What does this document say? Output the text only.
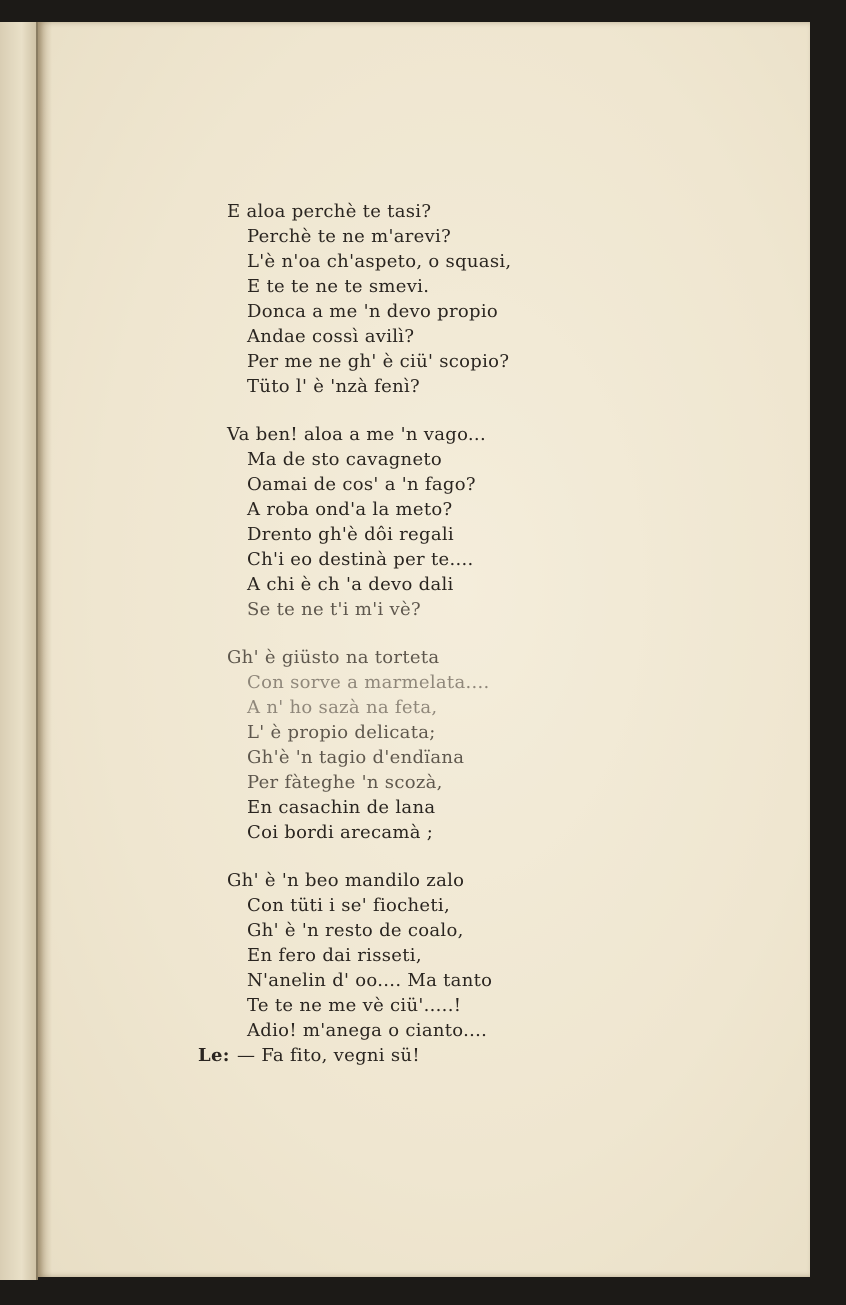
E aloa perchè te tasi?
Perchè te ne m'arevi?
L'è n'oa ch'aspeto, o squasi,
E te te ne te smevi.
Donca a me 'n devo propio
Andae cossì avilì?
Per me ne gh' è ciü' scopio?
Tüto l' è 'nzà fenì?
Va ben! aloa a me 'n vago...
Ma de sto cavagneto
Oamai de cos' a 'n fago?
A roba ond'a la meto?
Drento gh'è dôi regali
Ch'i eo destinà per te....
A chi è ch 'a devo dali
Se te ne t'i m'i vè?
Gh' è giüsto na torteta
Con sorve a marmelata....
A n' ho sazà na feta,
L' è propio delicata;
Gh'è 'n tagio d'endïana
Per fàteghe 'n scozà,
En casachin de lana
Coi bordi arecamà ;
Gh' è 'n beo mandilo zalo
Con tüti i se' fiocheti,
Gh' è 'n resto de coalo,
En fero dai risseti,
N'anelin d' oo.... Ma tanto
Te te ne me vè ciü'.....!
Adio! m'anega o cianto....
Le: — Fa fito, vegni sü!
